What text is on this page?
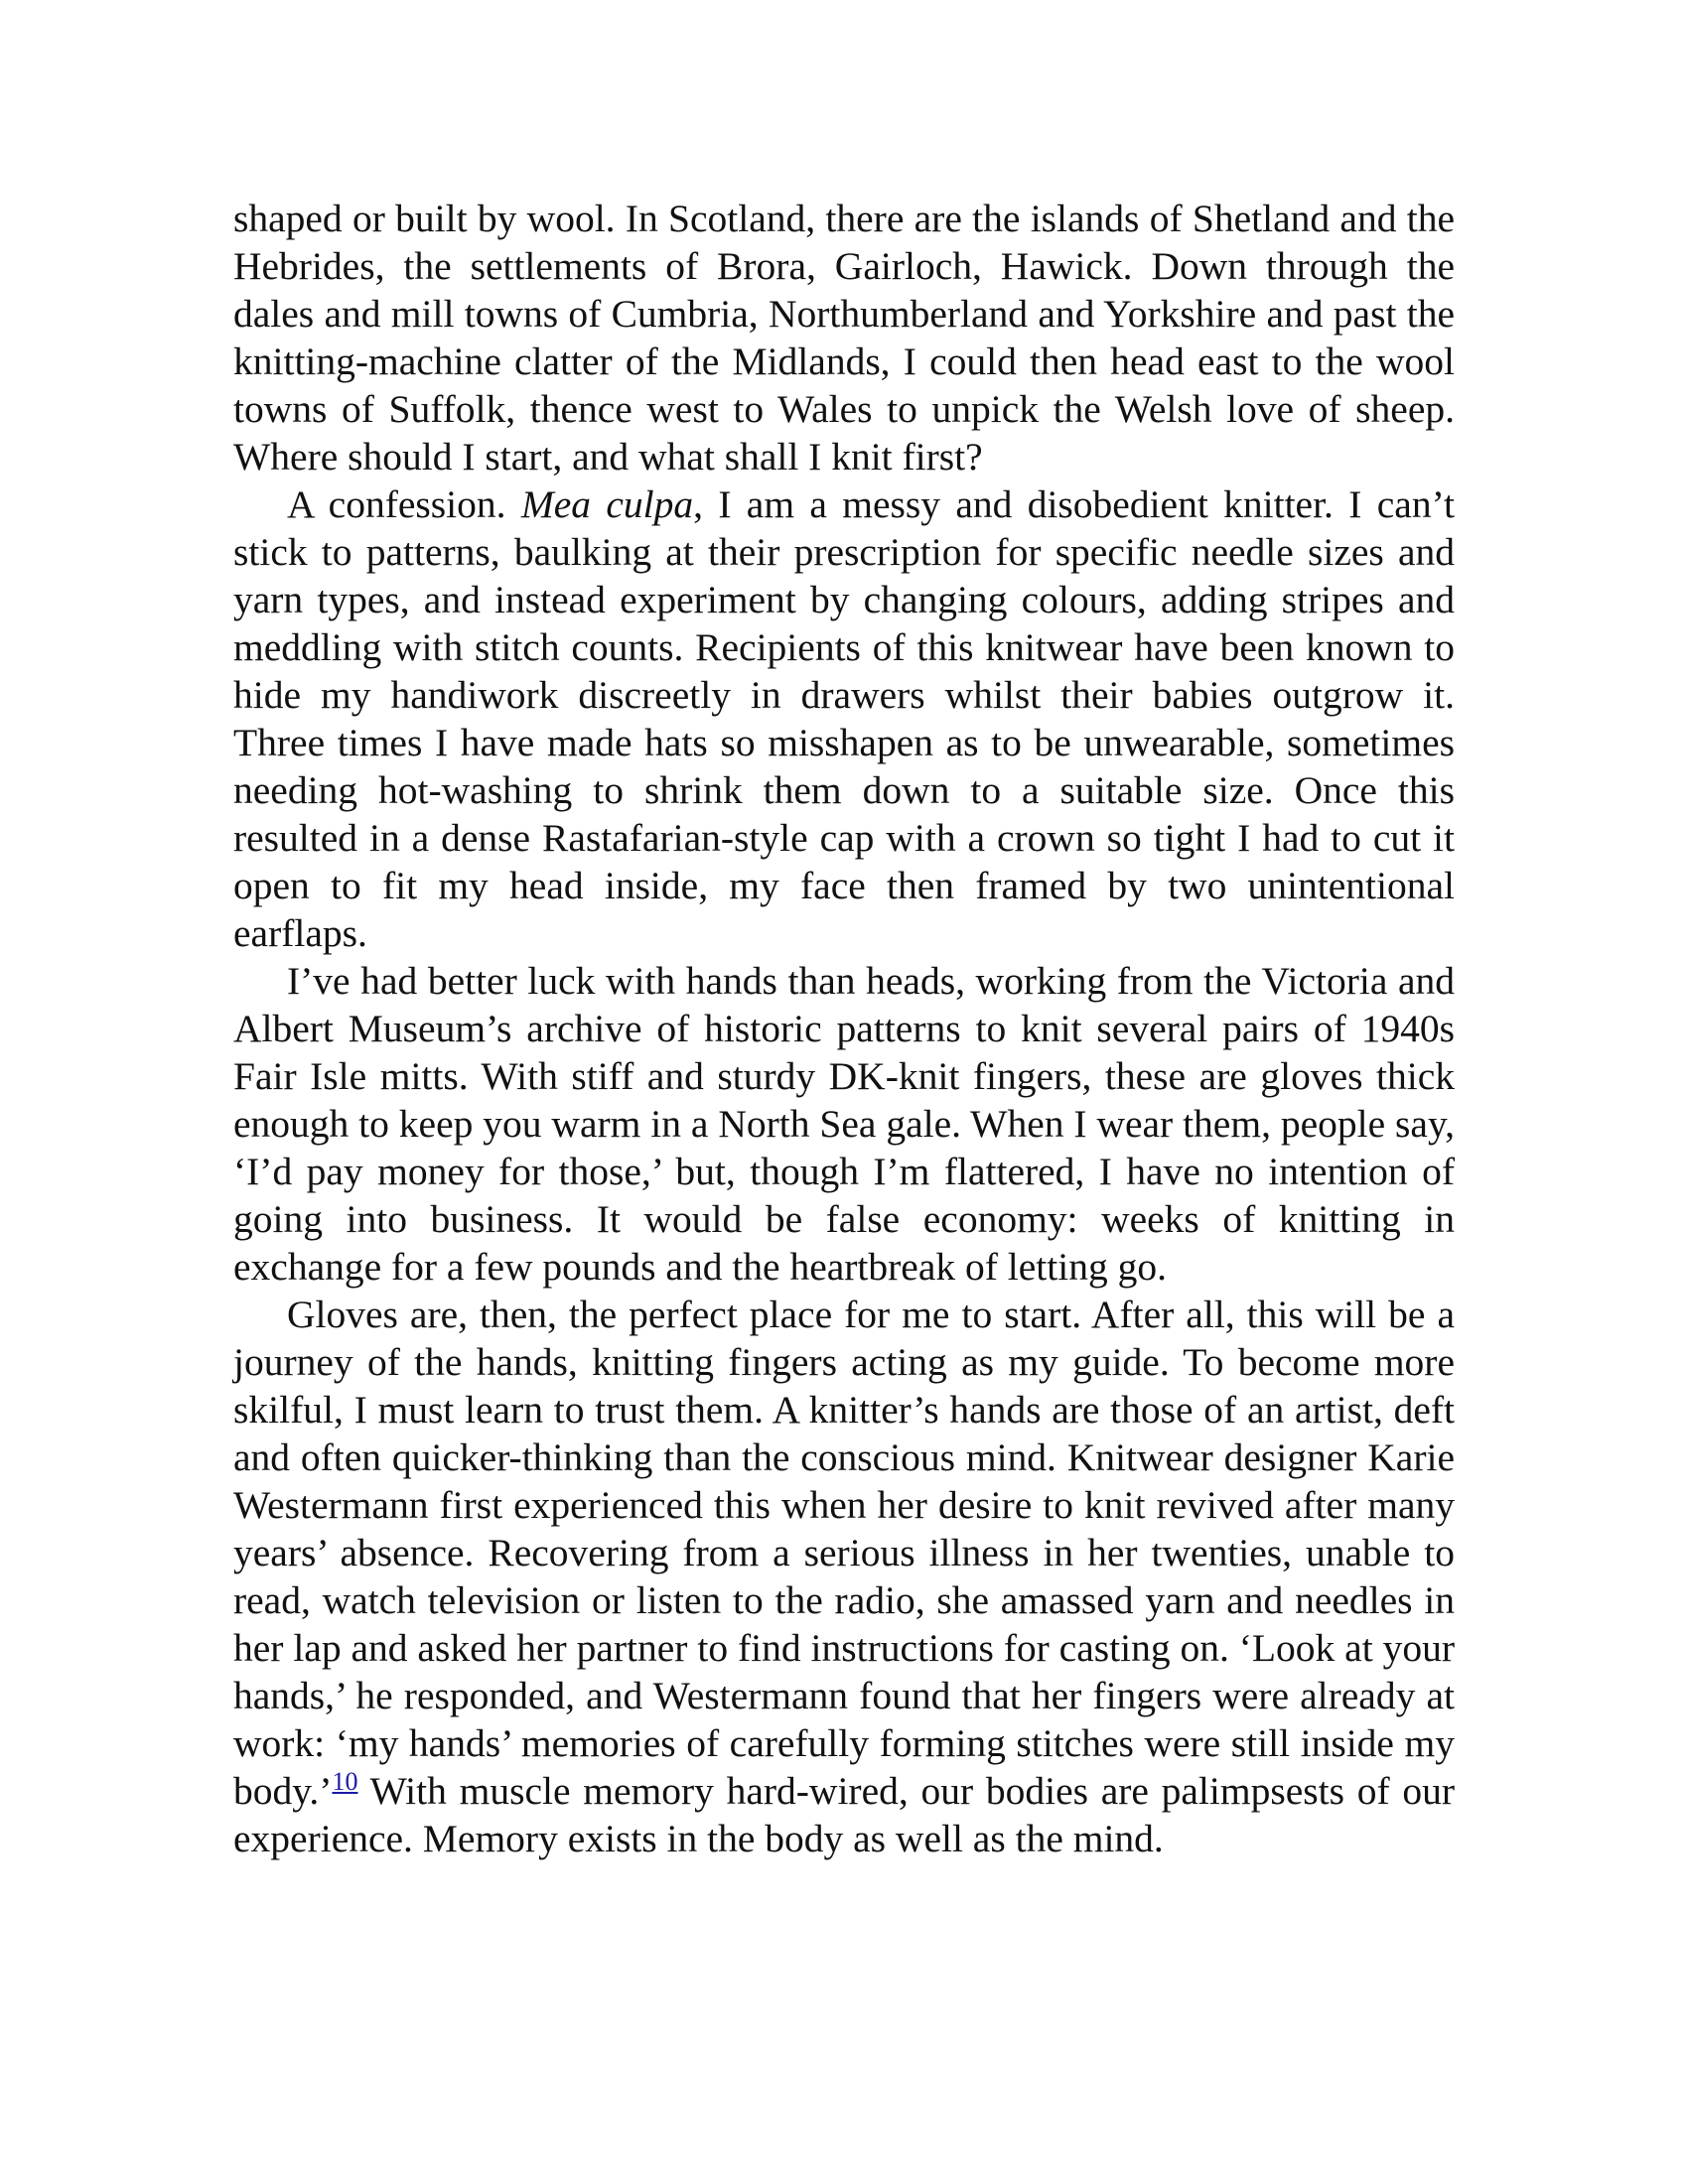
shaped or built by wool. In Scotland, there are the islands of Shetland and the Hebrides, the settlements of Brora, Gairloch, Hawick. Down through the dales and mill towns of Cumbria, Northumberland and Yorkshire and past the knitting-machine clatter of the Midlands, I could then head east to the wool towns of Suffolk, thence west to Wales to unpick the Welsh love of sheep. Where should I start, and what shall I knit first?

A confession. Mea culpa, I am a messy and disobedient knitter. I can’t stick to patterns, baulking at their prescription for specific needle sizes and yarn types, and instead experiment by changing colours, adding stripes and meddling with stitch counts. Recipients of this knitwear have been known to hide my handiwork discreetly in drawers whilst their babies outgrow it. Three times I have made hats so misshapen as to be unwearable, sometimes needing hot-washing to shrink them down to a suitable size. Once this resulted in a dense Rastafarian-style cap with a crown so tight I had to cut it open to fit my head inside, my face then framed by two unintentional earflaps.

I’ve had better luck with hands than heads, working from the Victoria and Albert Museum’s archive of historic patterns to knit several pairs of 1940s Fair Isle mitts. With stiff and sturdy DK-knit fingers, these are gloves thick enough to keep you warm in a North Sea gale. When I wear them, people say, ‘I’d pay money for those,’ but, though I’m flattered, I have no intention of going into business. It would be false economy: weeks of knitting in exchange for a few pounds and the heartbreak of letting go.

Gloves are, then, the perfect place for me to start. After all, this will be a journey of the hands, knitting fingers acting as my guide. To become more skilful, I must learn to trust them. A knitter’s hands are those of an artist, deft and often quicker-thinking than the conscious mind. Knitwear designer Karie Westermann first experienced this when her desire to knit revived after many years’ absence. Recovering from a serious illness in her twenties, unable to read, watch television or listen to the radio, she amassed yarn and needles in her lap and asked her partner to find instructions for casting on. ‘Look at your hands,’ he responded, and Westermann found that her fingers were already at work: ‘my hands’ memories of carefully forming stitches were still inside my body.’$^{10}$ With muscle memory hard-wired, our bodies are palimpsests of our experience. Memory exists in the body as well as the mind.
